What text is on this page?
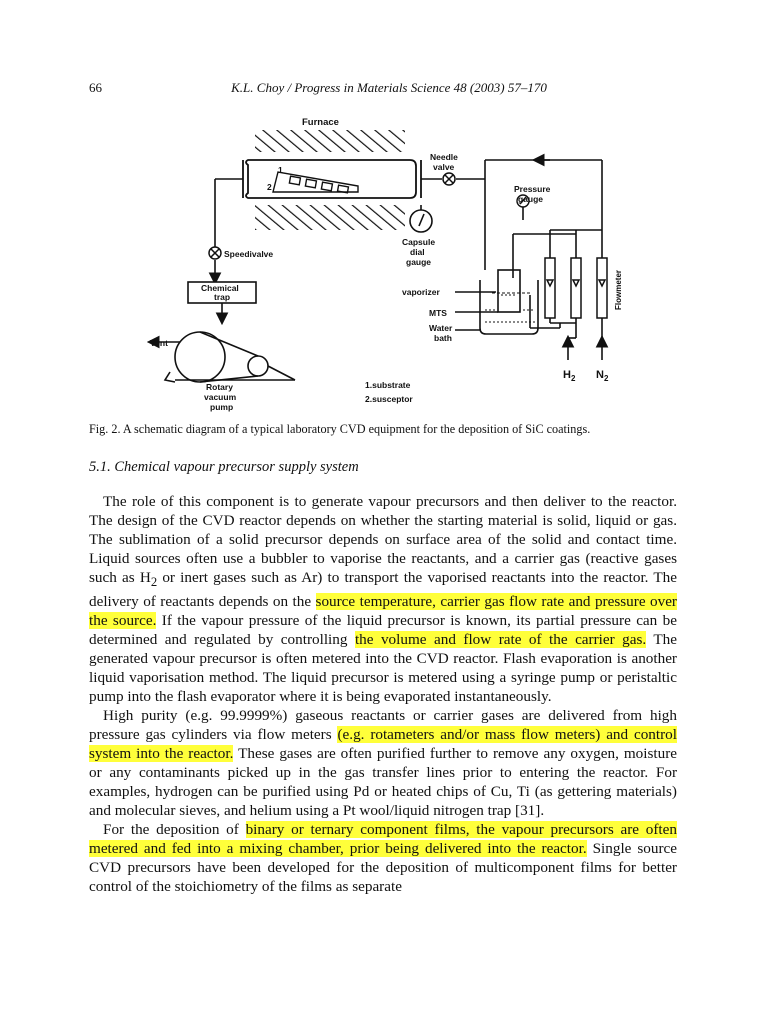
66	K.L. Choy / Progress in Materials Science 48 (2003) 57–170
Furnace
1
2
Needle
valve
Pressure
gauge
Capsule
dial
gauge
Speedivalve
Chemical
trap
Vent
Rotary
vacuum
pump
vaporizer
MTS
Water
bath
Flowmeter
$H_2$ $N_2$
1.substrate
2.susceptor
Fig. 2. A schematic diagram of a typical laboratory CVD equipment for the deposition of SiC coatings.
5.1. Chemical vapour precursor supply system

The role of this component is to generate vapour precursors and then deliver to the reactor. The design of the CVD reactor depends on whether the starting material is solid, liquid or gas. The sublimation of a solid precursor depends on surface area of the solid and contact time. Liquid sources often use a bubbler to vaporise the reactants, and a carrier gas (reactive gases such as $H_2$ or inert gases such as Ar) to transport the vaporised reactants into the reactor. The delivery of reactants depends on the source temperature, carrier gas flow rate and pressure over the source. If the vapour pressure of the liquid precursor is known, its partial pressure can be determined and regulated by controlling the volume and flow rate of the carrier gas. The generated vapour precursor is often metered into the CVD reactor. Flash evaporation is another liquid vaporisation method. The liquid precursor is metered using a syringe pump or peristaltic pump into the flash evaporator where it is being evaporated instantaneously.

High purity (e.g. 99.9999%) gaseous reactants or carrier gases are delivered from high pressure gas cylinders via flow meters (e.g. rotameters and/or mass flow meters) and control system into the reactor. These gases are often purified further to remove any oxygen, moisture or any contaminants picked up in the gas transfer lines prior to entering the reactor. For examples, hydrogen can be purified using Pd or heated chips of Cu, Ti (as gettering materials) and molecular sieves, and helium using a Pt wool/liquid nitrogen trap [31].

For the deposition of binary or ternary component films, the vapour precursors are often metered and fed into a mixing chamber, prior being delivered into the reactor. Single source CVD precursors have been developed for the deposition of multicomponent films for better control of the stoichiometry of the films as separate
